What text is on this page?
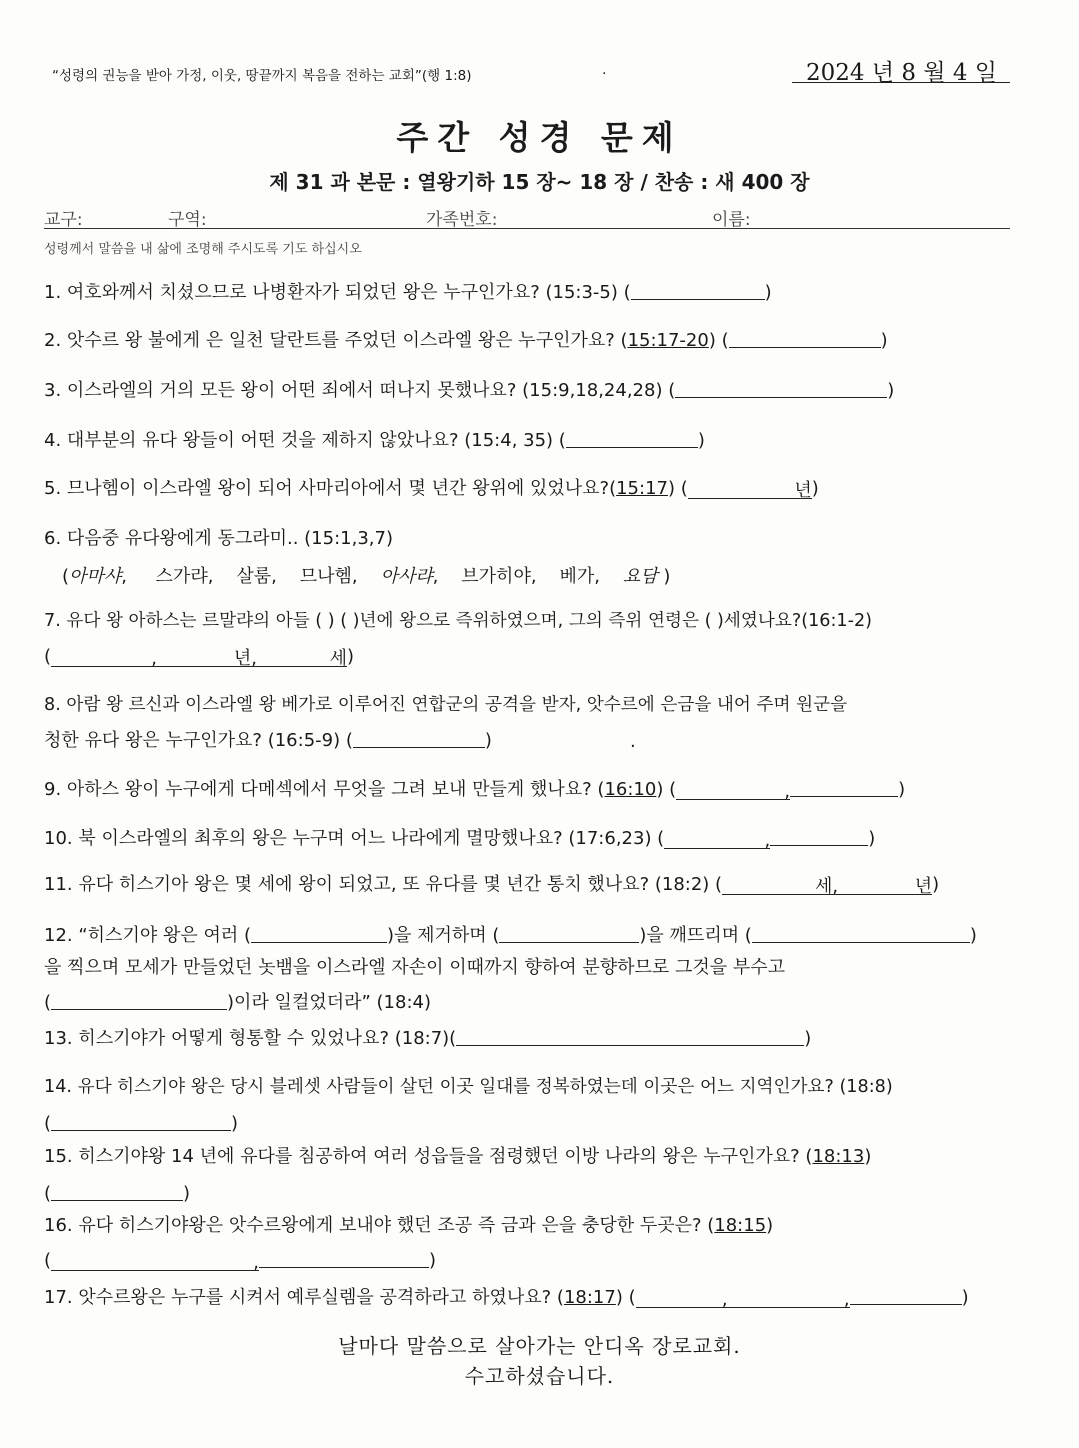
“성령의 권능을 받아 가정, 이웃, 땅끝까지 복음을 전하는 교회”(행 1:8)	.	2024 년 8 월 4 일
주간 성경 문제
제 31 과 본문 : 열왕기하 15 장~ 18 장 / 찬송 : 새 400 장
교구:	구역:	가족번호:	이름:
성령께서 말씀을 내 삶에 조명해 주시도록 기도 하십시오
1. 여호와께서 치셨으므로 나병환자가 되었던 왕은 누구인가요? (15:3-5) (	)
2. 앗수르 왕 불에게 은 일천 달란트를 주었던 이스라엘 왕은 누구인가요? (15:17-20) (	)
3. 이스라엘의 거의 모든 왕이 어떤 죄에서 떠나지 못했나요? (15:9,18,24,28) (	)
4. 대부분의 유다 왕들이 어떤 것을 제하지 않았나요? (15:4, 35) (	)
5. 므나헴이 이스라엘 왕이 되어 사마리아에서 몇 년간 왕위에 있었나요?(15:17) (	년)
6. 다음중 유다왕에게 동그라미.. (15:1,3,7)
(아마샤,     스가랴,    살룸,    므나헴,    아사랴,    브가히야,    베가,    요담 )
7. 유다 왕 아하스는 르말랴의 아들 ( ) ( )년에 왕으로 즉위하였으며, 그의 즉위 연령은 ( )세였나요?(16:1-2)
(	,	년,	세)
8. 아람 왕 르신과 이스라엘 왕 베가로 이루어진 연합군의 공격을 받자, 앗수르에 은금을 내어 주며 원군을
청한 유다 왕은 누구인가요? (16:5-9) (	)	.
9. 아하스 왕이 누구에게 다메섹에서 무엇을 그려 보내 만들게 했나요? (16:10) (	,	)
10. 북 이스라엘의 최후의 왕은 누구며 어느 나라에게 멸망했나요? (17:6,23) (	,	)
11. 유다 히스기아 왕은 몇 세에 왕이 되었고, 또 유다를 몇 년간 통치 했나요? (18:2) (	세,	년)
12. “히스기야 왕은 여러 (	)을 제거하며 (	)을 깨뜨리며 (	)
을 찍으며 모세가 만들었던 놋뱀을 이스라엘 자손이 이때까지 향하여 분향하므로 그것을 부수고
(	)이라 일컬었더라” (18:4)
13. 히스기야가 어떻게 형통할 수 있었나요? (18:7)(	)
14. 유다 히스기야 왕은 당시 블레셋 사람들이 살던 이곳 일대를 정복하였는데 이곳은 어느 지역인가요? (18:8)
(	)
15. 히스기야왕 14 년에 유다를 침공하여 여러 성읍들을 점령했던 이방 나라의 왕은 누구인가요? (18:13)
(	)
16. 유다 히스기야왕은 앗수르왕에게 보내야 했던 조공 즉 금과 은을 충당한 두곳은? (18:15)
(	,	)
17. 앗수르왕은 누구를 시켜서 예루실렘을 공격하라고 하였나요? (18:17) (	,	,	)
날마다 말씀으로 살아가는 안디옥 장로교회.
수고하셨습니다.
